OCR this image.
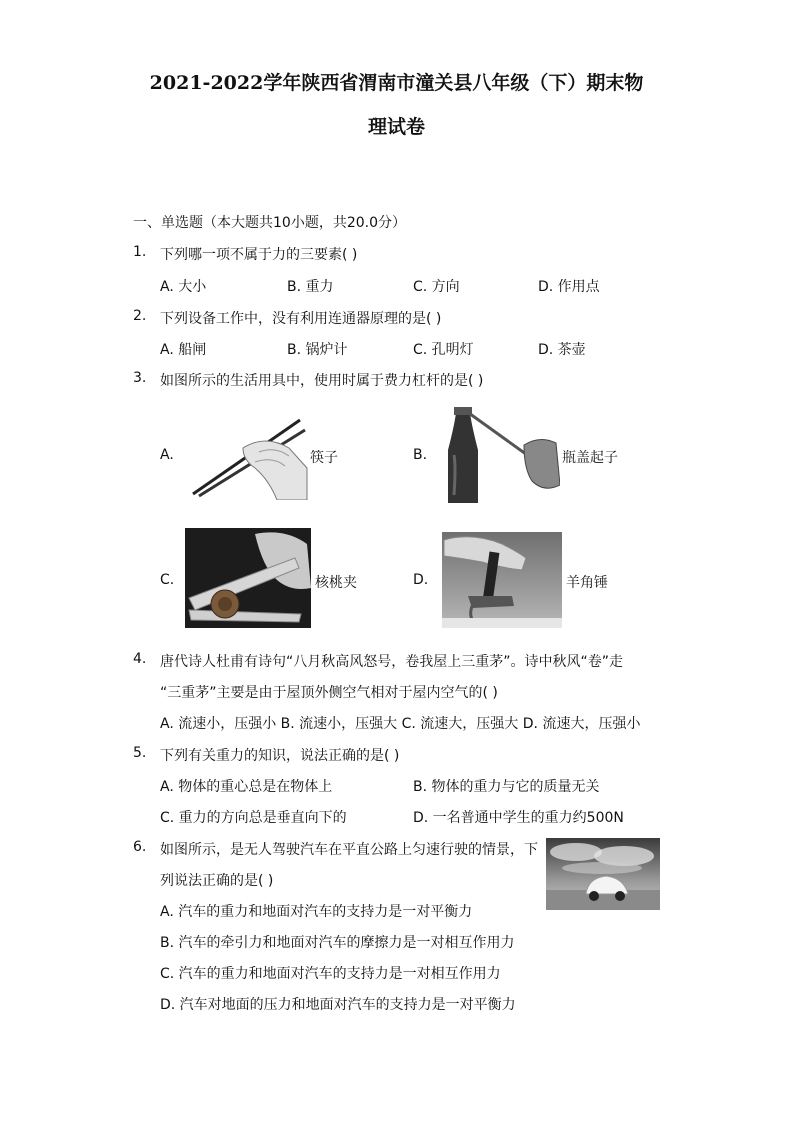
2021-2022学年陕西省渭南市潼关县八年级（下）期末物
理试卷
一、单选题（本大题共10小题，共20.0分）
1. 下列哪一项不属于力的三要素( )
A. 大小	B. 重力	C. 方向	D. 作用点
2. 下列设备工作中，没有利用连通器原理的是( )
A. 船闸	B. 锅炉计	C. 孔明灯	D. 茶壶
3. 如图所示的生活用具中，使用时属于费力杠杆的是( )
A.	筷子	B.	瓶盖起子
C.	核桃夹	D.	羊角锤
4. 唐代诗人杜甫有诗句“八月秋高风怒号，卷我屋上三重茅”。诗中秋风“卷”走
“三重茅”主要是由于屋顶外侧空气相对于屋内空气的( )
A. 流速小，压强小 B. 流速小，压强大 C. 流速大，压强大 D. 流速大，压强小
5. 下列有关重力的知识，说法正确的是( )
A. 物体的重心总是在物体上	B. 物体的重力与它的质量无关
C. 重力的方向总是垂直向下的	D. 一名普通中学生的重力约500N
6. 如图所示，是无人驾驶汽车在平直公路上匀速行驶的情景，下
列说法正确的是( )
A. 汽车的重力和地面对汽车的支持力是一对平衡力
B. 汽车的牵引力和地面对汽车的摩擦力是一对相互作用力
C. 汽车的重力和地面对汽车的支持力是一对相互作用力
D. 汽车对地面的压力和地面对汽车的支持力是一对平衡力
